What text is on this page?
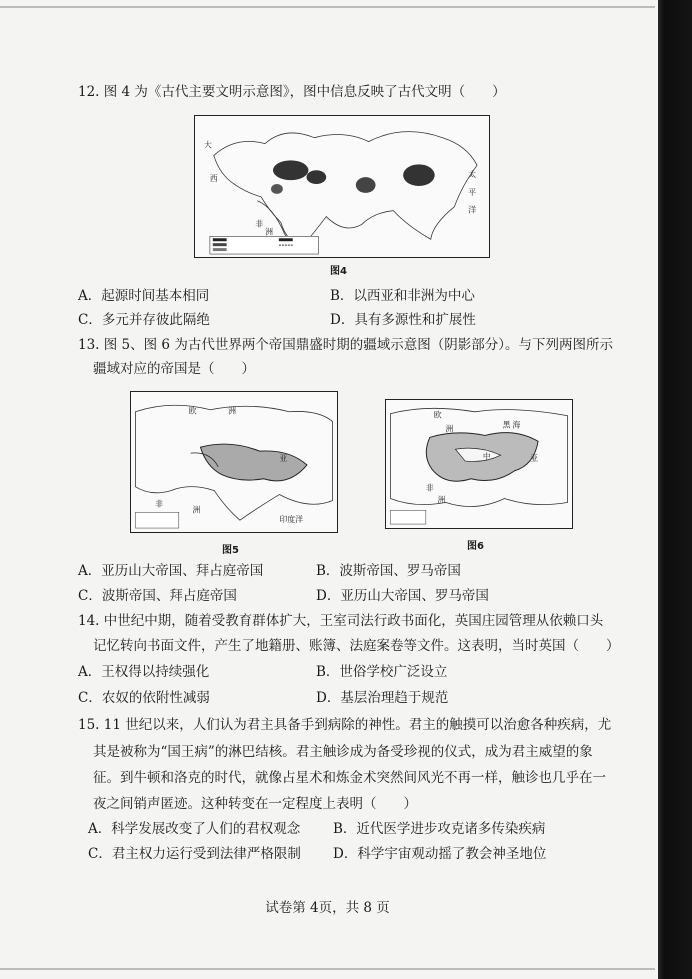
12. 图 4 为《古代主要文明示意图》，图中信息反映了古代文明（　　）
大
西
非
洲
太
平
洋
图4
A．起源时间基本相同	B．以西亚和非洲为中心
C．多元并存彼此隔绝	D．具有多源性和扩展性
13. 图 5、图 6 为古代世界两个帝国鼎盛时期的疆域示意图（阴影部分）。与下列两图所示
疆域对应的帝国是（　　）
欧	洲
亚
非
洲
印度洋
图5
欧
洲	黑 海
亚
非
洲
中
图6
A．亚历山大帝国、拜占庭帝国	B．波斯帝国、罗马帝国
C．波斯帝国、拜占庭帝国	D．亚历山大帝国、罗马帝国
14. 中世纪中期，随着受教育群体扩大，王室司法行政书面化，英国庄园管理从依赖口头
记忆转向书面文件，产生了地籍册、账簿、法庭案卷等文件。这表明，当时英国（　　）
A．王权得以持续强化	B．世俗学校广泛设立
C．农奴的依附性减弱	D．基层治理趋于规范
15. 11 世纪以来，人们认为君主具备手到病除的神性。君主的触摸可以治愈各种疾病，尤
其是被称为“国王病”的淋巴结核。君主触诊成为备受珍视的仪式，成为君主威望的象
征。到牛顿和洛克的时代，就像占星术和炼金术突然间风光不再一样，触诊也几乎在一
夜之间销声匿迹。这种转变在一定程度上表明（　　）
A．科学发展改变了人们的君权观念 B．近代医学进步攻克诸多传染疾病
C．君主权力运行受到法律严格限制 D．科学宇宙观动摇了教会神圣地位
试卷第 4页，共 8 页
